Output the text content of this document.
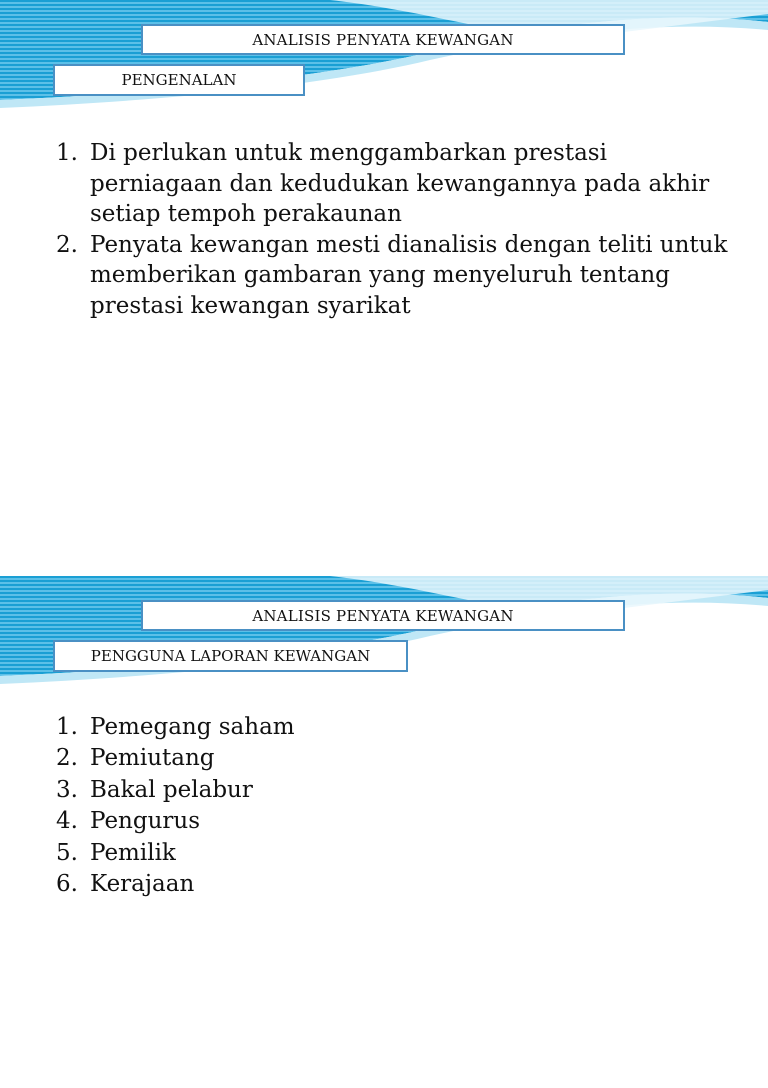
ANALISIS PENYATA KEWANGAN
PENGENALAN
1. Di perlukan untuk menggambarkan prestasi perniagaan dan kedudukan kewangannya pada akhir setiap tempoh perakaunan
2. Penyata kewangan mesti dianalisis dengan teliti untuk memberikan gambaran yang menyeluruh tentang prestasi kewangan syarikat
ANALISIS PENYATA KEWANGAN
PENGGUNA LAPORAN KEWANGAN
1. Pemegang saham
2. Pemiutang
3. Bakal pelabur
4. Pengurus
5. Pemilik
6. Kerajaan
